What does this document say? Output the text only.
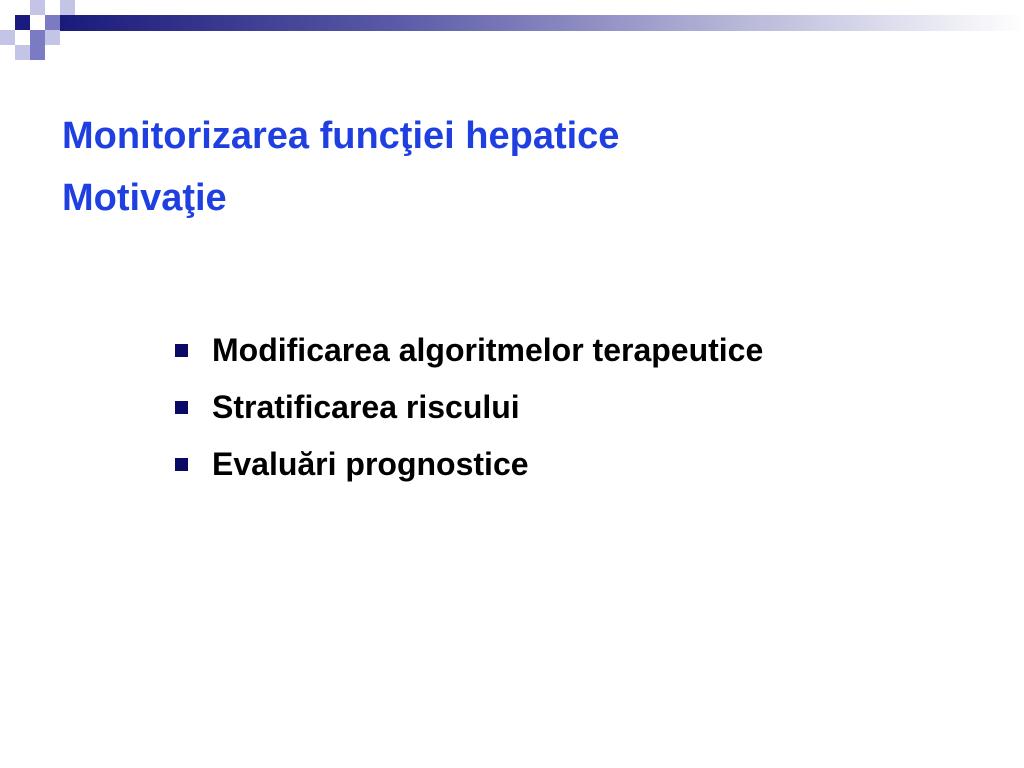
Monitorizarea funcţiei hepatice
Motivaţie
Modificarea algoritmelor terapeutice
Stratificarea riscului
Evaluări prognostice
